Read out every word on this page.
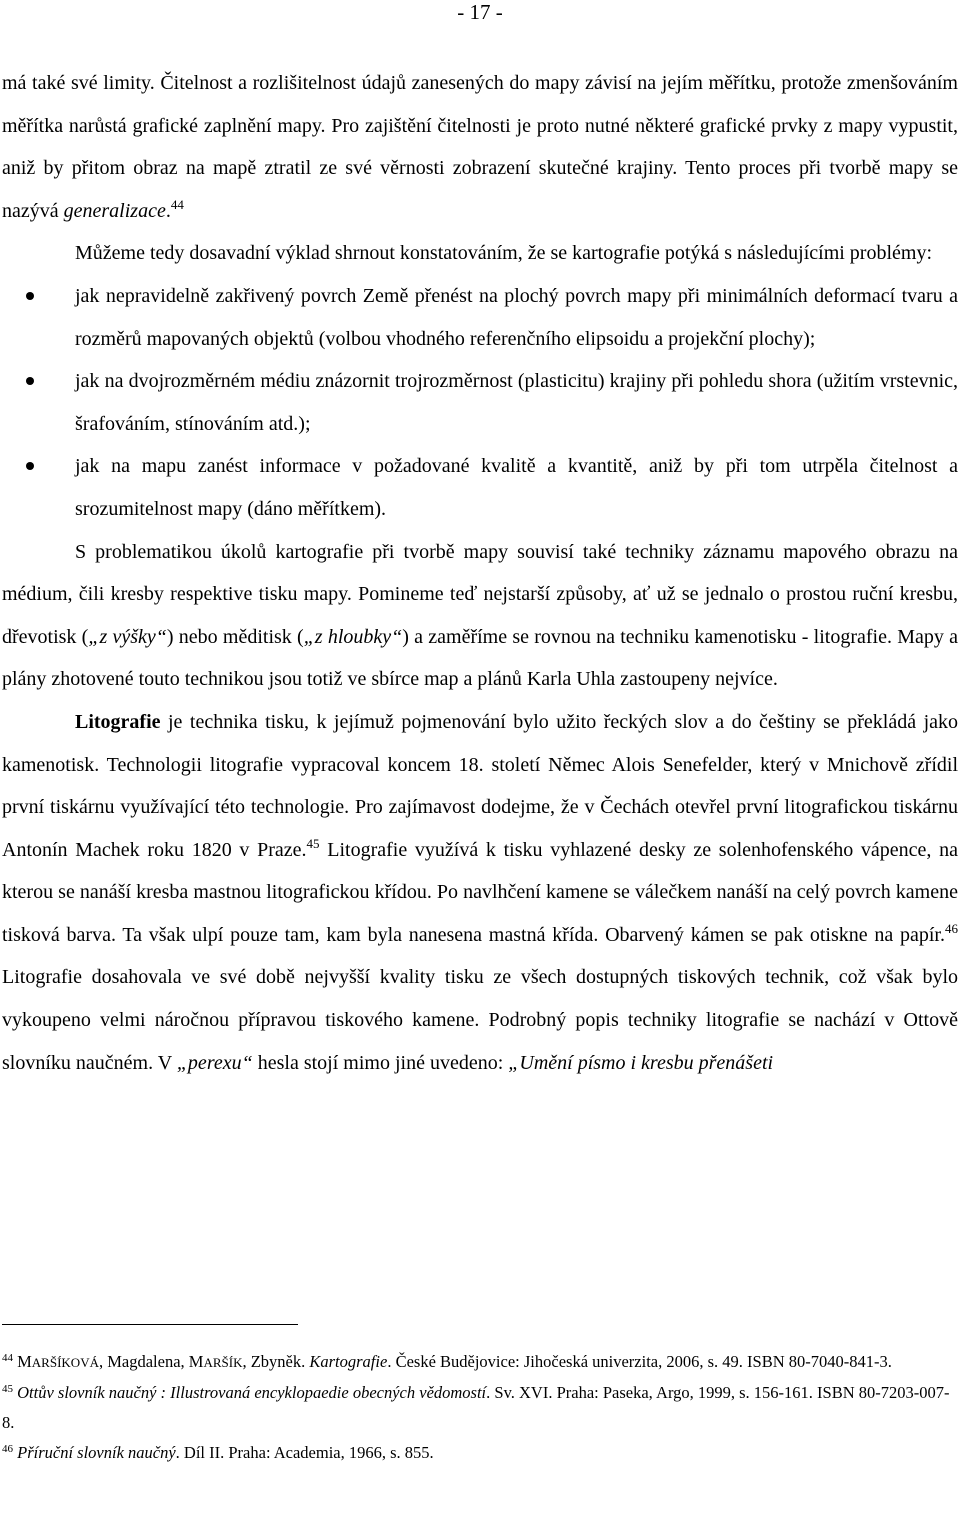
- 17 -

má také své limity. Čitelnost a rozlišitelnost údajů zanesených do mapy závisí na jejím měřítku, protože zmenšováním měřítka narůstá grafické zaplnění mapy. Pro zajištění čitelnosti je proto nutné některé grafické prvky z mapy vypustit, aniž by přitom obraz na mapě ztratil ze své věrnosti zobrazení skutečné krajiny. Tento proces při tvorbě mapy se nazývá generalizace.$^{44}$

Můžeme tedy dosavadní výklad shrnout konstatováním, že se kartografie potýká s následujícími problémy:

jak nepravidelně zakřivený povrch Země přenést na plochý povrch mapy při minimálních deformací tvaru a rozměrů mapovaných objektů (volbou vhodného referenčního elipsoidu a projekční plochy);
jak na dvojrozměrném médiu znázornit trojrozměrnost (plasticitu) krajiny při pohledu shora (užitím vrstevnic, šrafováním, stínováním atd.);
jak na mapu zanést informace v požadované kvalitě a kvantitě, aniž by při tom utrpěla čitelnost a srozumitelnost mapy (dáno měřítkem).

S problematikou úkolů kartografie při tvorbě mapy souvisí také techniky záznamu mapového obrazu na médium, čili kresby respektive tisku mapy. Pomineme teď nejstarší způsoby, ať už se jednalo o prostou ruční kresbu, dřevotisk („z výšky“) nebo měditisk („z hloubky“) a zaměříme se rovnou na techniku kamenotisku - litografie. Mapy a plány zhotovené touto technikou jsou totiž ve sbírce map a plánů Karla Uhla zastoupeny nejvíce.

Litografie je technika tisku, k jejímuž pojmenování bylo užito řeckých slov a do češtiny se překládá jako kamenotisk. Technologii litografie vypracoval koncem 18. století Němec Alois Senefelder, který v Mnichově zřídil první tiskárnu využívající této technologie. Pro zajímavost dodejme, že v Čechách otevřel první litografickou tiskárnu Antonín Machek roku 1820 v Praze.$^{45}$ Litografie využívá k tisku vyhlazené desky ze solenhofenského vápence, na kterou se nanáší kresba mastnou litografickou křídou. Po navlhčení kamene se válečkem nanáší na celý povrch kamene tisková barva. Ta však ulpí pouze tam, kam byla nanesena mastná křída. Obarvený kámen se pak otiskne na papír.$^{46}$ Litografie dosahovala ve své době nejvyšší kvality tisku ze všech dostupných tiskových technik, což však bylo vykoupeno velmi náročnou přípravou tiskového kamene. Podrobný popis techniky litografie se nachází v Ottově slovníku naučném. V „perexu“ hesla stojí mimo jiné uvedeno: „Umění písmo i kresbu přenášeti

$^{44}$ MARŠÍKOVÁ, Magdalena, MARŠÍK, Zbyněk. Kartografie. České Budějovice: Jihočeská univerzita, 2006, s. 49. ISBN 80-7040-841-3.

$^{45}$ Ottův slovník naučný : Illustrovaná encyklopaedie obecných vědomostí. Sv. XVI. Praha: Paseka, Argo, 1999, s. 156-161. ISBN 80-7203-007-8.

$^{46}$ Příruční slovník naučný. Díl II. Praha: Academia, 1966, s. 855.
